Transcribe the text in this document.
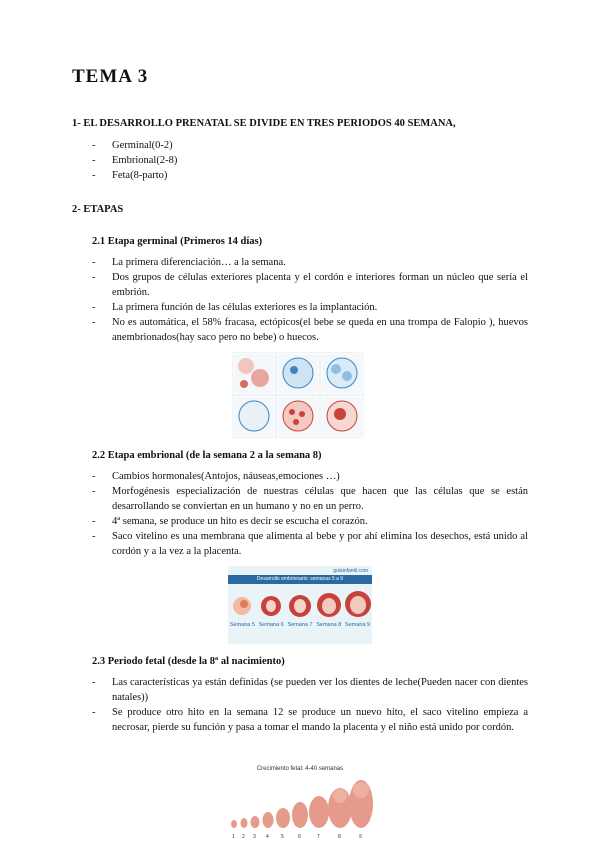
TEMA 3

1- EL DESARROLLO PRENATAL SE DIVIDE EN TRES PERIODOS 40 SEMANA,

- Germinal(0-2)
- Embrional(2-8)
- Feta(8-parto)

2- ETAPAS

2.1 Etapa germinal (Primeros 14 días)

- La primera diferenciación… a la semana.
- Dos grupos de células exteriores placenta y el cordón e interiores forman un núcleo que sería el embrión.
- La primera función de las células exteriores es la implantación.
- No es automática, el 58% fracasa, ectópicos(el bebe se queda en una trompa de Falopio ), huevos anembrionados(hay saco pero no bebe) o huecos.

2.2 Etapa embrional (de la semana 2 a la semana 8)

- Cambios hormonales(Antojos, náuseas,emociones …)
- Morfogénesis especialización de nuestras células que hacen que las células que se están desarrollando se conviertan en un humano y no en un perro.
- 4ª semana, se produce un hito es decir se escucha el corazón.
- Saco vitelino es una membrana que alimenta al bebe y por ahí elimina los desechos, está unido al cordón y a la vez a la placenta.
guiainfantil.com
Desarrollo embrionario: semanas 5 a 9
Semana 5 Semana 6 Semana 7 Semana 8 Semana 9

2.3 Periodo fetal (desde la 8ª al nacimiento)

- Las características ya están definidas (se pueden ver los dientes de leche(Pueden nacer con dientes natales))
- Se produce otro hito en la semana 12 se produce un nuevo hito, el saco vitelino empieza a necrosar, pierde su función y pasa a tomar el mando la placenta y el niño está unido por cordón.
Crecimiento fetal: 4-40 semanas
1 2 3 4 5	6	7	8	9
